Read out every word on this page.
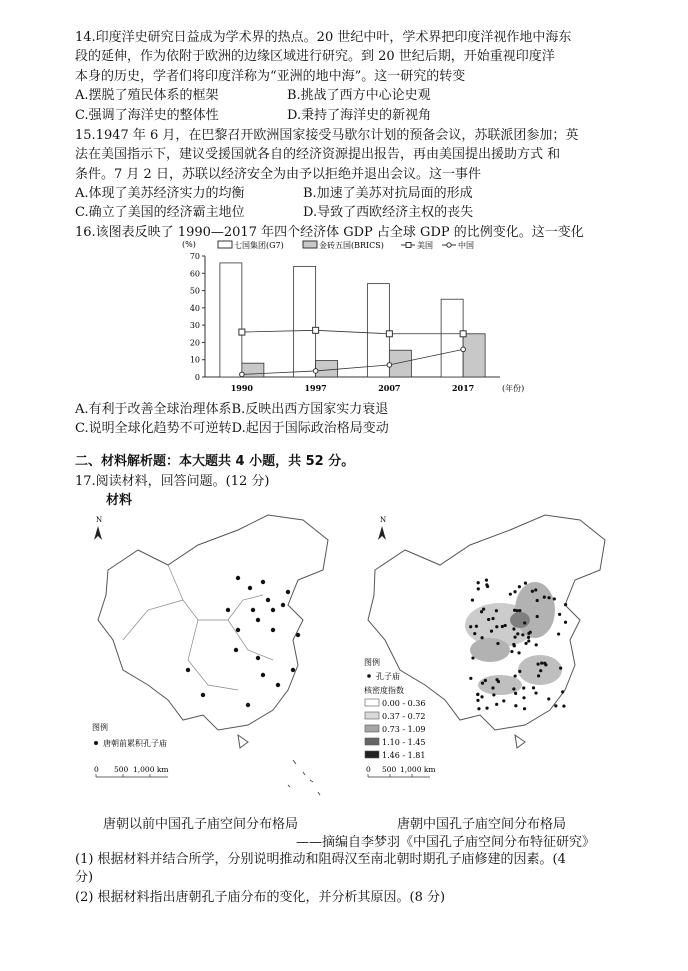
14.印度洋史研究日益成为学术界的热点。20 世纪中叶，学术界把印度洋视作地中海东
段的延伸，作为依附于欧洲的边缘区域进行研究。到 20 世纪后期，开始重视印度洋
本身的历史，学者们将印度洋称为“亚洲的地中海”。这一研究的转变
A.摆脱了殖民体系的框架	B.挑战了西方中心论史观
C.强调了海洋史的整体性	D.秉持了海洋史的新视角
15.1947 年 6 月，在巴黎召开欧洲国家接受马歇尔计划的预备会议，苏联派团参加；英
法在美国指示下，建议受援国就各自的经济资源提出报告，再由美国提出援助方式 和
条件。7 月 2 日，苏联以经济安全为由予以拒绝并退出会议。这一事件
A.体现了美苏经济实力的均衡	B.加速了美苏对抗局面的形成
C.确立了美国的经济霸主地位	D.导致了西欧经济主权的丧失
16.该图表反映了 1990—2017 年四个经济体 GDP 占全球 GDP 的比例变化。这一变化
(%)
0
10
20
30
40
50
60
70
1990	1997	2007	2017	(年份)
七国集团(G7)	金砖五国(BRICS)	美国	中国
A.有利于改善全球治理体系B.反映出西方国家实力衰退
C.说明全球化趋势不可逆转D.起因于国际政治格局变动
二、材料解析题：本大题共 4 小题，共 52 分。
17.阅读材料，回答问题。(12 分)
材料
N
图例
唐朝前累积孔子庙
0 500 1,000 km
N
图例
孔子庙
核密度指数
0.00 - 0.36
0.37 - 0.72
0.73 - 1.09
1.10 - 1.45
1.46 - 1.81
0 500 1,000 km
唐朝以前中国孔子庙空间分布格局	唐朝中国孔子庙空间分布格局
——摘编自李梦羽《中国孔子庙空间分布特征研究》
(1) 根据材料并结合所学，分别说明推动和阻碍汉至南北朝时期孔子庙修建的因素。(4
分)
(2) 根据材料指出唐朝孔子庙分布的变化，并分析其原因。(8 分)
